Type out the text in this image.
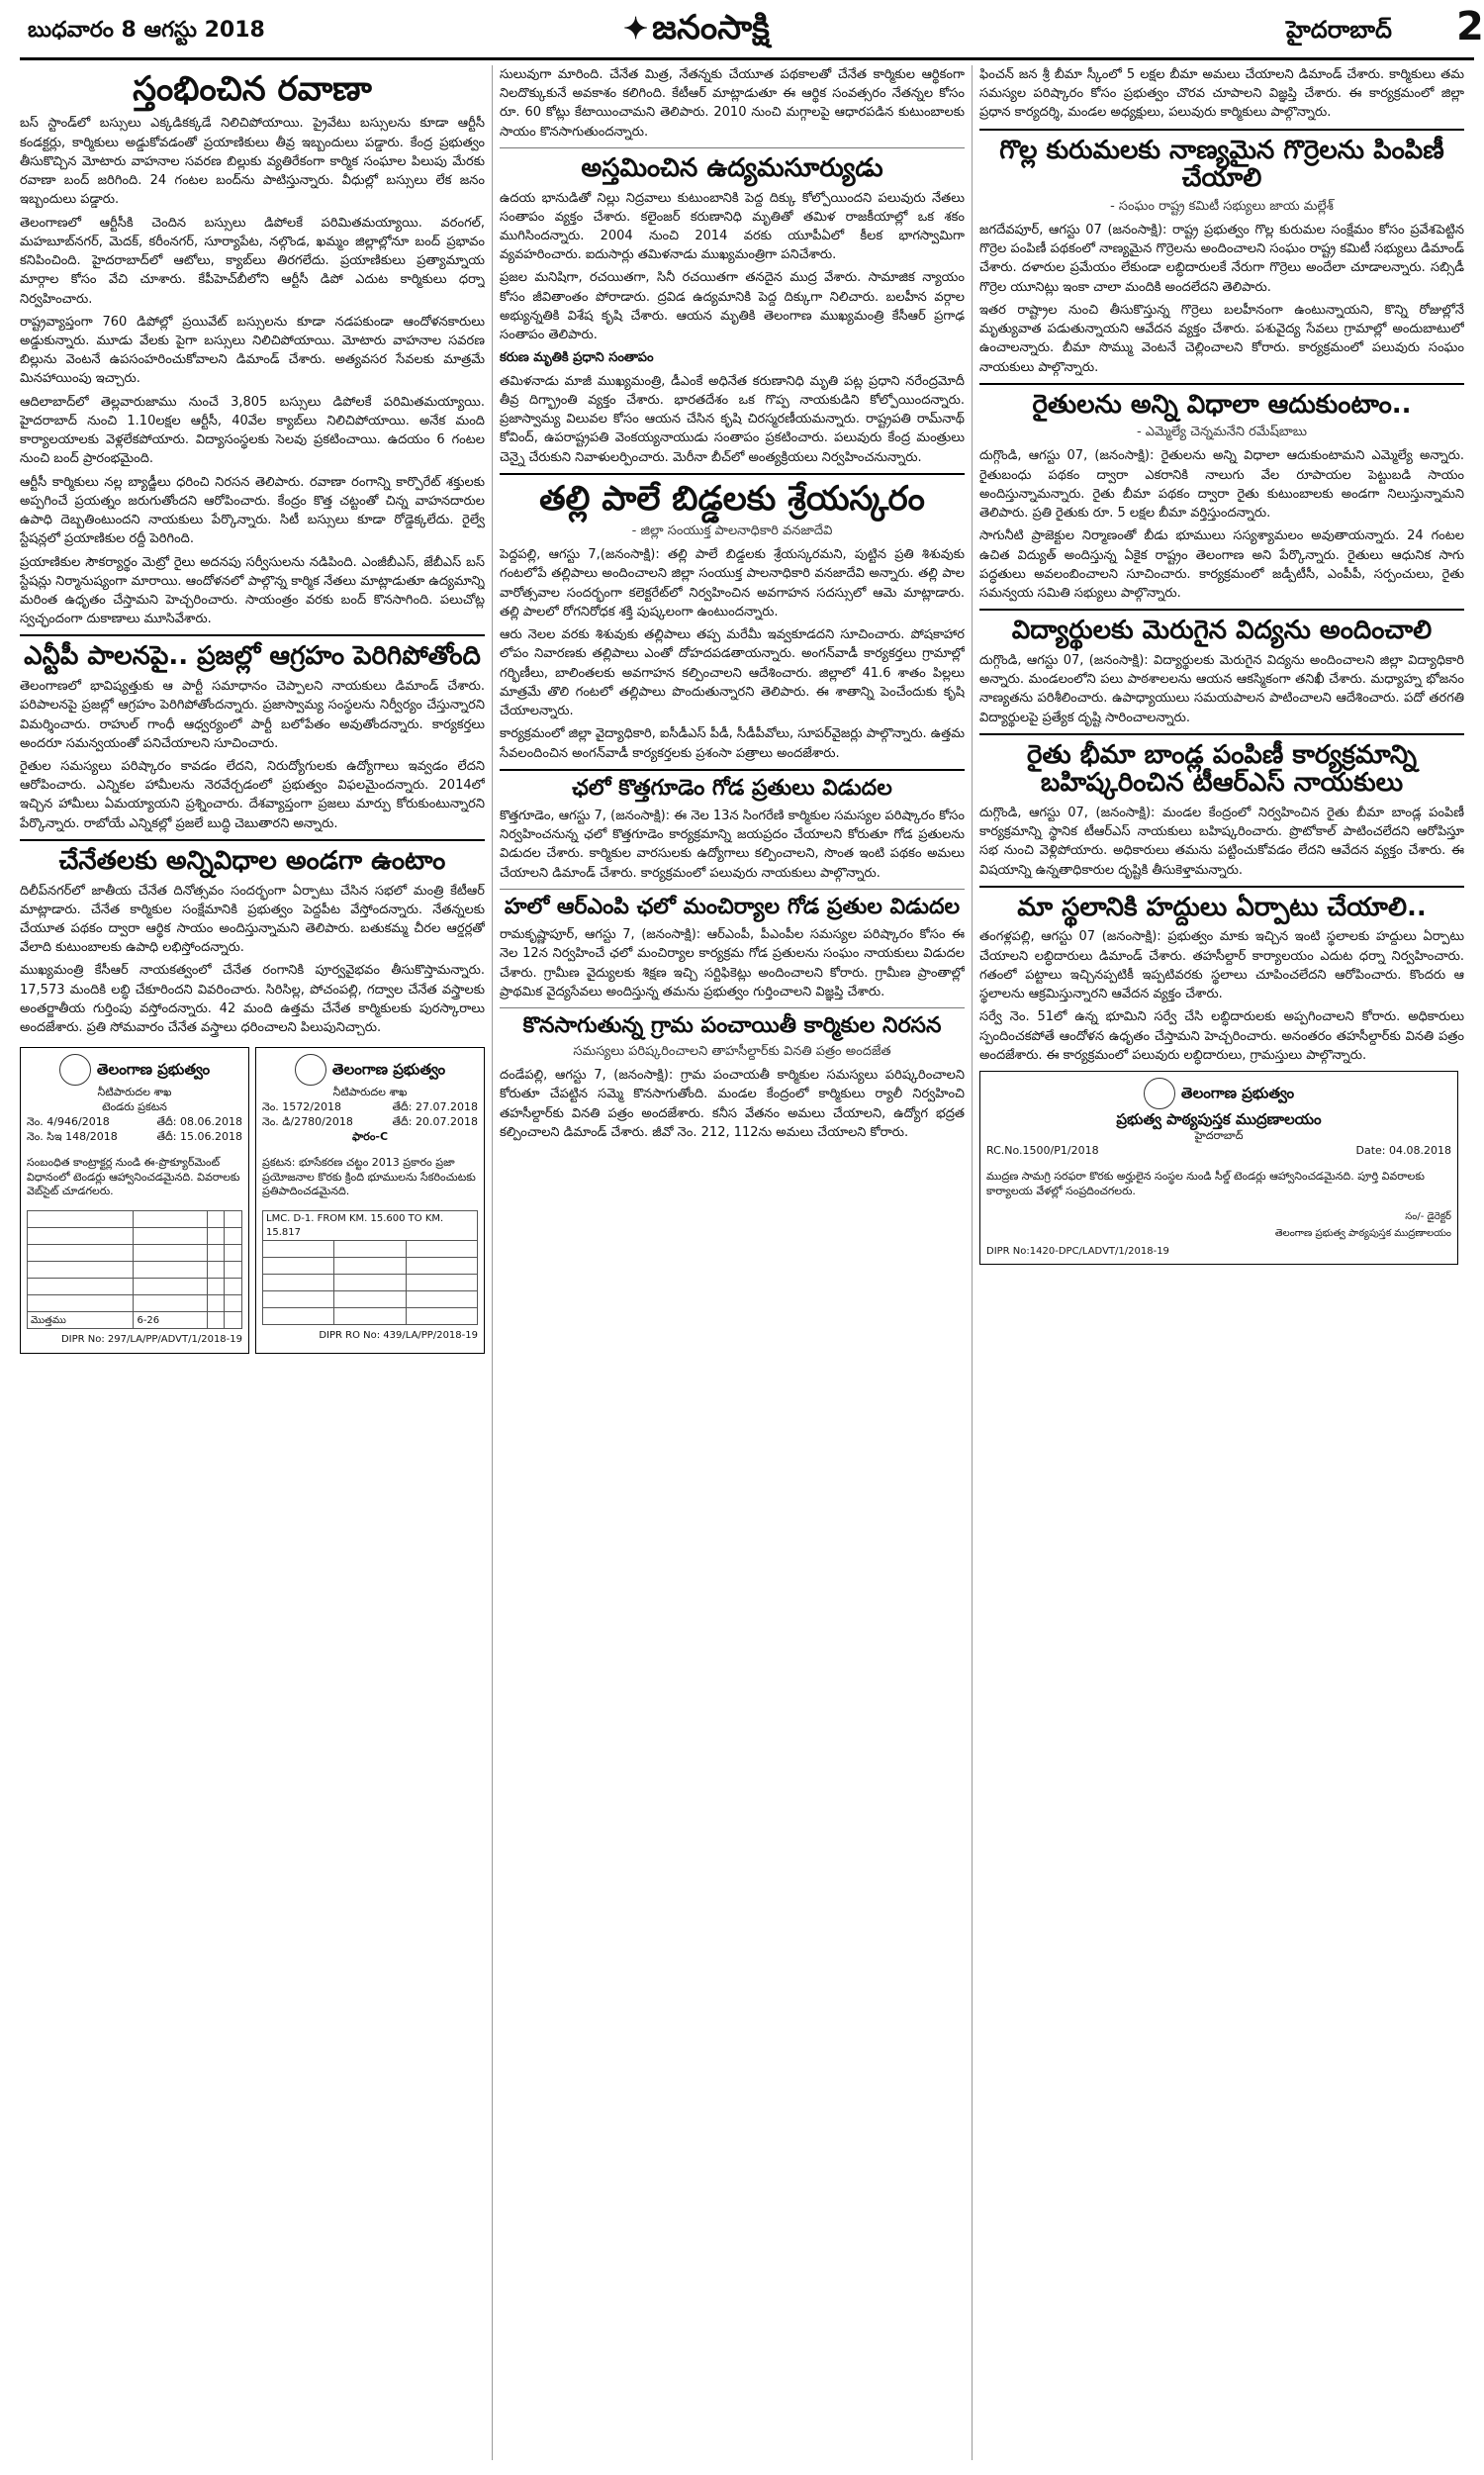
బుధవారం 8 ఆగస్టు 2018	✦ జనంసాక్షి	హైదరాబాద్ 2
స్తంభించిన రవాణా

బస్ స్టాండ్‌లో బస్సులు ఎక్కడికక్కడే నిలిచిపోయాయి. ప్రైవేటు బస్సులను కూడా ఆర్టీసీ కండక్టర్లు, కార్మికులు అడ్డుకోవడంతో ప్రయాణికులు తీవ్ర ఇబ్బందులు పడ్డారు. కేంద్ర ప్రభుత్వం తీసుకొచ్చిన మోటారు వాహనాల సవరణ బిల్లుకు వ్యతిరేకంగా కార్మిక సంఘాల పిలుపు మేరకు రవాణా బంద్ జరిగింది. 24 గంటల బంద్‌ను పాటిస్తున్నారు. వీధుల్లో బస్సులు లేక జనం ఇబ్బందులు పడ్డారు.

తెలంగాణలో ఆర్టీసీకి చెందిన బస్సులు డిపోలకే పరిమితమయ్యాయి. వరంగల్, మహబూబ్‌నగర్, మెదక్, కరీంనగర్, సూర్యాపేట, నల్గొండ, ఖమ్మం జిల్లాల్లోనూ బంద్ ప్రభావం కనిపించింది. హైదరాబాద్‌లో ఆటోలు, క్యాబ్‌లు తిరగలేదు. ప్రయాణికులు ప్రత్యామ్నాయ మార్గాల కోసం వేచి చూశారు. కేపీహెచ్‌బీలోని ఆర్టీసీ డిపో ఎదుట కార్మికులు ధర్నా నిర్వహించారు.

రాష్ట్రవ్యాప్తంగా 760 డిపోల్లో ప్రయివేట్ బస్సులను కూడా నడపకుండా ఆందోళనకారులు అడ్డుకున్నారు. మూడు వేలకు పైగా బస్సులు నిలిచిపోయాయి. మోటారు వాహనాల సవరణ బిల్లును వెంటనే ఉపసంహరించుకోవాలని డిమాండ్ చేశారు. అత్యవసర సేవలకు మాత్రమే మినహాయింపు ఇచ్చారు.

ఆదిలాబాద్‌లో తెల్లవారుజాము నుంచే 3,805 బస్సులు డిపోలకే పరిమితమయ్యాయి. హైదరాబాద్ నుంచి 1.10లక్షల ఆర్టీసీ, 40వేల క్యాబ్‌లు నిలిచిపోయాయి. అనేక మంది కార్యాలయాలకు వెళ్లలేకపోయారు. విద్యాసంస్థలకు సెలవు ప్రకటించాయి. ఉదయం 6 గంటల నుంచి బంద్ ప్రారంభమైంది.

ఆర్టీసీ కార్మికులు నల్ల బ్యాడ్జీలు ధరించి నిరసన తెలిపారు. రవాణా రంగాన్ని కార్పొరేట్ శక్తులకు అప్పగించే ప్రయత్నం జరుగుతోందని ఆరోపించారు. కేంద్రం కొత్త చట్టంతో చిన్న వాహనదారుల ఉపాధి దెబ్బతింటుందని నాయకులు పేర్కొన్నారు. సిటీ బస్సులు కూడా రోడ్డెక్కలేదు. రైల్వే స్టేషన్లలో ప్రయాణికుల రద్దీ పెరిగింది.

ప్రయాణికుల సౌకర్యార్థం మెట్రో రైలు అదనపు సర్వీసులను నడిపింది. ఎంజీబీఎస్, జేబీఎస్ బస్ స్టేషన్లు నిర్మానుష్యంగా మారాయి. ఆందోళనలో పాల్గొన్న కార్మిక నేతలు మాట్లాడుతూ ఉద్యమాన్ని మరింత ఉధృతం చేస్తామని హెచ్చరించారు. సాయంత్రం వరకు బంద్ కొనసాగింది. పలుచోట్ల స్వచ్ఛందంగా దుకాణాలు మూసివేశారు.

ఎన్టీపీ పాలనపై.. ప్రజల్లో ఆగ్రహం పెరిగిపోతోంది

తెలంగాణలో భావిష్యత్తుకు ఆ పార్టీ సమాధానం చెప్పాలని నాయకులు డిమాండ్ చేశారు. పరిపాలనపై ప్రజల్లో ఆగ్రహం పెరిగిపోతోందన్నారు. ప్రజాస్వామ్య సంస్థలను నిర్వీర్యం చేస్తున్నారని విమర్శించారు. రాహుల్ గాంధీ ఆధ్వర్యంలో పార్టీ బలోపేతం అవుతోందన్నారు. కార్యకర్తలు అందరూ సమన్వయంతో పనిచేయాలని సూచించారు.

రైతుల సమస్యలు పరిష్కారం కావడం లేదని, నిరుద్యోగులకు ఉద్యోగాలు ఇవ్వడం లేదని ఆరోపించారు. ఎన్నికల హామీలను నెరవేర్చడంలో ప్రభుత్వం విఫలమైందన్నారు. 2014లో ఇచ్చిన హామీలు ఏమయ్యాయని ప్రశ్నించారు. దేశవ్యాప్తంగా ప్రజలు మార్పు కోరుకుంటున్నారని పేర్కొన్నారు. రాబోయే ఎన్నికల్లో ప్రజలే బుద్ధి చెబుతారని అన్నారు.

చేనేతలకు అన్నివిధాల అండగా ఉంటాం

దిలీప్‌నగర్‌లో జాతీయ చేనేత దినోత్సవం సందర్భంగా ఏర్పాటు చేసిన సభలో మంత్రి కేటీఆర్ మాట్లాడారు. చేనేత కార్మికుల సంక్షేమానికి ప్రభుత్వం పెద్దపీట వేస్తోందన్నారు. నేతన్నలకు చేయూత పథకం ద్వారా ఆర్థిక సాయం అందిస్తున్నామని తెలిపారు. బతుకమ్మ చీరల ఆర్డర్లతో వేలాది కుటుంబాలకు ఉపాధి లభిస్తోందన్నారు.

ముఖ్యమంత్రి కేసీఆర్ నాయకత్వంలో చేనేత రంగానికి పూర్వవైభవం తీసుకొస్తామన్నారు. 17,573 మందికి లబ్ధి చేకూరిందని వివరించారు. సిరిసిల్ల, పోచంపల్లి, గద్వాల చేనేత వస్త్రాలకు అంతర్జాతీయ గుర్తింపు వస్తోందన్నారు. 42 మంది ఉత్తమ చేనేత కార్మికులకు పురస్కారాలు అందజేశారు. ప్రతి సోమవారం చేనేత వస్త్రాలు ధరించాలని పిలుపునిచ్చారు.

తెలంగాణ ప్రభుత్వం
నీటిపారుదల శాఖ
టెండరు ప్రకటన
నెం. 4/946/2018	తేదీ: 08.06.2018
నెం. సిఇ 148/2018	తేదీ: 15.06.2018

సంబంధిత కాంట్రాక్టర్ల నుండి ఈ-ప్రొక్యూర్‌మెంట్ విధానంలో టెండర్లు ఆహ్వానించడమైనది. వివరాలకు వెబ్‌సైట్ చూడగలరు.

మొత్తము	6-26		
DIPR No: 297/LA/PP/ADVT/1/2018-19
తెలంగాణ ప్రభుత్వం
నీటిపారుదల శాఖ
నెం. 1572/2018	తేదీ: 27.07.2018
నెం. డి/2780/2018	తేదీ: 20.07.2018
ఫారం-C

ప్రకటన: భూసేకరణ చట్టం 2013 ప్రకారం ప్రజా ప్రయోజనాల కొరకు క్రింది భూములను సేకరించుటకు ప్రతిపాదించడమైనది.

LMC. D-1. FROM KM. 15.600 TO KM. 15.817		

DIPR RO No: 439/LA/PP/2018-19

సులువుగా మారింది. చేనేత మిత్ర, నేతన్నకు చేయూత పథకాలతో చేనేత కార్మికుల ఆర్థికంగా నిలదొక్కుకునే అవకాశం కలిగింది. కేటీఆర్ మాట్లాడుతూ ఈ ఆర్థిక సంవత్సరం నేతన్నల కోసం రూ. 60 కోట్లు కేటాయించామని తెలిపారు. 2010 నుంచి మగ్గాలపై ఆధారపడిన కుటుంబాలకు సాయం కొనసాగుతుందన్నారు.

అస్తమించిన ఉద్యమసూర్యుడు

ఉదయ భానుడితో నిల్లు నిద్రవాలు కుటుంబానికి పెద్ద దిక్కు కోల్పోయిందని పలువురు నేతలు సంతాపం వ్యక్తం చేశారు. కలైంజర్ కరుణానిధి మృతితో తమిళ రాజకీయాల్లో ఒక శకం ముగిసిందన్నారు. 2004 నుంచి 2014 వరకు యూపీఏలో కీలక భాగస్వామిగా వ్యవహరించారు. ఐదుసార్లు తమిళనాడు ముఖ్యమంత్రిగా పనిచేశారు.

ప్రజల మనిషిగా, రచయితగా, సినీ రచయితగా తనదైన ముద్ర వేశారు. సామాజిక న్యాయం కోసం జీవితాంతం పోరాడారు. ద్రవిడ ఉద్యమానికి పెద్ద దిక్కుగా నిలిచారు. బలహీన వర్గాల అభ్యున్నతికి విశేష కృషి చేశారు. ఆయన మృతికి తెలంగాణ ముఖ్యమంత్రి కేసీఆర్ ప్రగాఢ సంతాపం తెలిపారు.

కరుణ మృతికి ప్రధాని సంతాపం

తమిళనాడు మాజీ ముఖ్యమంత్రి, డీఎంకే అధినేత కరుణానిధి మృతి పట్ల ప్రధాని నరేంద్రమోదీ తీవ్ర దిగ్భ్రాంతి వ్యక్తం చేశారు. భారతదేశం ఒక గొప్ప నాయకుడిని కోల్పోయిందన్నారు. ప్రజాస్వామ్య విలువల కోసం ఆయన చేసిన కృషి చిరస్మరణీయమన్నారు. రాష్ట్రపతి రామ్‌నాథ్ కోవింద్, ఉపరాష్ట్రపతి వెంకయ్యనాయుడు సంతాపం ప్రకటించారు. పలువురు కేంద్ర మంత్రులు చెన్నై చేరుకుని నివాళులర్పించారు. మెరీనా బీచ్‌లో అంత్యక్రియలు నిర్వహించనున్నారు.

తల్లి పాలే బిడ్డలకు శ్రేయస్కరం
- జిల్లా సంయుక్త పాలనాధికారి వనజాదేవి

పెద్దపల్లి, ఆగస్టు 7,(జనంసాక్షి): తల్లి పాలే బిడ్డలకు శ్రేయస్కరమని, పుట్టిన ప్రతి శిశువుకు గంటలోపే తల్లిపాలు అందించాలని జిల్లా సంయుక్త పాలనాధికారి వనజాదేవి అన్నారు. తల్లి పాల వారోత్సవాల సందర్భంగా కలెక్టరేట్‌లో నిర్వహించిన అవగాహన సదస్సులో ఆమె మాట్లాడారు. తల్లి పాలలో రోగనిరోధక శక్తి పుష్కలంగా ఉంటుందన్నారు.

ఆరు నెలల వరకు శిశువుకు తల్లిపాలు తప్ప మరేమీ ఇవ్వకూడదని సూచించారు. పోషకాహార లోపం నివారణకు తల్లిపాలు ఎంతో దోహదపడతాయన్నారు. అంగన్‌వాడీ కార్యకర్తలు గ్రామాల్లో గర్భిణీలు, బాలింతలకు అవగాహన కల్పించాలని ఆదేశించారు. జిల్లాలో 41.6 శాతం పిల్లలు మాత్రమే తొలి గంటలో తల్లిపాలు పొందుతున్నారని తెలిపారు. ఈ శాతాన్ని పెంచేందుకు కృషి చేయాలన్నారు.

కార్యక్రమంలో జిల్లా వైద్యాధికారి, ఐసీడీఎస్ పీడీ, సీడీపీవోలు, సూపర్‌వైజర్లు పాల్గొన్నారు. ఉత్తమ సేవలందించిన అంగన్‌వాడీ కార్యకర్తలకు ప్రశంసా పత్రాలు అందజేశారు.

ఛలో కొత్తగూడెం గోడ ప్రతులు విడుదల

కొత్తగూడెం, ఆగస్టు 7, (జనంసాక్షి): ఈ నెల 13న సింగరేణి కార్మికుల సమస్యల పరిష్కారం కోసం నిర్వహించనున్న ఛలో కొత్తగూడెం కార్యక్రమాన్ని జయప్రదం చేయాలని కోరుతూ గోడ ప్రతులను విడుదల చేశారు. కార్మికుల వారసులకు ఉద్యోగాలు కల్పించాలని, సొంత ఇంటి పథకం అమలు చేయాలని డిమాండ్ చేశారు. కార్యక్రమంలో పలువురు నాయకులు పాల్గొన్నారు.

హలో ఆర్ఎంపి ఛలో మంచిర్యాల గోడ ప్రతుల విడుదల

రామకృష్ణాపూర్, ఆగస్టు 7, (జనంసాక్షి): ఆర్ఎంపీ, పీఎంపీల సమస్యల పరిష్కారం కోసం ఈ నెల 12న నిర్వహించే ఛలో మంచిర్యాల కార్యక్రమ గోడ ప్రతులను సంఘం నాయకులు విడుదల చేశారు. గ్రామీణ వైద్యులకు శిక్షణ ఇచ్చి సర్టిఫికెట్లు అందించాలని కోరారు. గ్రామీణ ప్రాంతాల్లో ప్రాథమిక వైద్యసేవలు అందిస్తున్న తమను ప్రభుత్వం గుర్తించాలని విజ్ఞప్తి చేశారు.

కొనసాగుతున్న గ్రామ పంచాయితీ కార్మికుల నిరసన
సమస్యలు పరిష్కరించాలని తాహసీల్దార్‌కు వినతి పత్రం అందజేత

దండేపల్లి, ఆగస్టు 7, (జనంసాక్షి): గ్రామ పంచాయతీ కార్మికుల సమస్యలు పరిష్కరించాలని కోరుతూ చేపట్టిన సమ్మె కొనసాగుతోంది. మండల కేంద్రంలో కార్మికులు ర్యాలీ నిర్వహించి తహసీల్దార్‌కు వినతి పత్రం అందజేశారు. కనీస వేతనం అమలు చేయాలని, ఉద్యోగ భద్రత కల్పించాలని డిమాండ్ చేశారు. జీవో నెం. 212, 112ను అమలు చేయాలని కోరారు.

ఫించన్ జన శ్రీ బీమా స్కీంలో 5 లక్షల బీమా అమలు చేయాలని డిమాండ్ చేశారు. కార్మికులు తమ సమస్యల పరిష్కారం కోసం ప్రభుత్వం చొరవ చూపాలని విజ్ఞప్తి చేశారు. ఈ కార్యక్రమంలో జిల్లా ప్రధాన కార్యదర్శి, మండల అధ్యక్షులు, పలువురు కార్మికులు పాల్గొన్నారు.

గొల్ల కురుమలకు నాణ్యమైన గొర్రెలను పింపిణీ చేయాలి
- సంఘం రాష్ట్ర కమిటీ సభ్యులు జాయ మల్లేశ్

జగదేవపూర్, ఆగస్టు 07 (జనంసాక్షి): రాష్ట్ర ప్రభుత్వం గొల్ల కురుమల సంక్షేమం కోసం ప్రవేశపెట్టిన గొర్రెల పంపిణీ పథకంలో నాణ్యమైన గొర్రెలను అందించాలని సంఘం రాష్ట్ర కమిటీ సభ్యులు డిమాండ్ చేశారు. దళారుల ప్రమేయం లేకుండా లబ్ధిదారులకే నేరుగా గొర్రెలు అందేలా చూడాలన్నారు. సబ్సిడీ గొర్రెల యూనిట్లు ఇంకా చాలా మందికి అందలేదని తెలిపారు.

ఇతర రాష్ట్రాల నుంచి తీసుకొస్తున్న గొర్రెలు బలహీనంగా ఉంటున్నాయని, కొన్ని రోజుల్లోనే మృత్యువాత పడుతున్నాయని ఆవేదన వ్యక్తం చేశారు. పశువైద్య సేవలు గ్రామాల్లో అందుబాటులో ఉంచాలన్నారు. బీమా సొమ్ము వెంటనే చెల్లించాలని కోరారు. కార్యక్రమంలో పలువురు సంఘం నాయకులు పాల్గొన్నారు.

రైతులను అన్ని విధాలా ఆదుకుంటాం..
- ఎమ్మెల్యే చెన్నమనేని రమేష్‌బాబు

దుగ్గొండి, ఆగస్టు 07, (జనంసాక్షి): రైతులను అన్ని విధాలా ఆదుకుంటామని ఎమ్మెల్యే అన్నారు. రైతుబంధు పథకం ద్వారా ఎకరానికి నాలుగు వేల రూపాయల పెట్టుబడి సాయం అందిస్తున్నామన్నారు. రైతు బీమా పథకం ద్వారా రైతు కుటుంబాలకు అండగా నిలుస్తున్నామని తెలిపారు. ప్రతి రైతుకు రూ. 5 లక్షల బీమా వర్తిస్తుందన్నారు.

సాగునీటి ప్రాజెక్టుల నిర్మాణంతో బీడు భూములు సస్యశ్యామలం అవుతాయన్నారు. 24 గంటల ఉచిత విద్యుత్ అందిస్తున్న ఏకైక రాష్ట్రం తెలంగాణ అని పేర్కొన్నారు. రైతులు ఆధునిక సాగు పద్ధతులు అవలంబించాలని సూచించారు. కార్యక్రమంలో జడ్పీటీసీ, ఎంపీపీ, సర్పంచులు, రైతు సమన్వయ సమితి సభ్యులు పాల్గొన్నారు.

విద్యార్థులకు మెరుగైన విద్యను అందించాలి

దుగ్గొండి, ఆగస్టు 07, (జనంసాక్షి): విద్యార్థులకు మెరుగైన విద్యను అందించాలని జిల్లా విద్యాధికారి అన్నారు. మండలంలోని పలు పాఠశాలలను ఆయన ఆకస్మికంగా తనిఖీ చేశారు. మధ్యాహ్న భోజనం నాణ్యతను పరిశీలించారు. ఉపాధ్యాయులు సమయపాలన పాటించాలని ఆదేశించారు. పదో తరగతి విద్యార్థులపై ప్రత్యేక దృష్టి సారించాలన్నారు.

రైతు భీమా బాండ్ల పంపిణీ కార్యక్రమాన్ని బహిష్కరించిన టీఆర్ఎస్ నాయకులు

దుగ్గొండి, ఆగస్టు 07, (జనంసాక్షి): మండల కేంద్రంలో నిర్వహించిన రైతు బీమా బాండ్ల పంపిణీ కార్యక్రమాన్ని స్థానిక టీఆర్ఎస్ నాయకులు బహిష్కరించారు. ప్రొటోకాల్ పాటించలేదని ఆరోపిస్తూ సభ నుంచి వెళ్లిపోయారు. అధికారులు తమను పట్టించుకోవడం లేదని ఆవేదన వ్యక్తం చేశారు. ఈ విషయాన్ని ఉన్నతాధికారుల దృష్టికి తీసుకెళ్తామన్నారు.

మా స్థలానికి హద్దులు ఏర్పాటు చేయాలి..

తంగళ్లపల్లి, ఆగస్టు 07 (జనంసాక్షి): ప్రభుత్వం మాకు ఇచ్చిన ఇంటి స్థలాలకు హద్దులు ఏర్పాటు చేయాలని లబ్ధిదారులు డిమాండ్ చేశారు. తహసీల్దార్ కార్యాలయం ఎదుట ధర్నా నిర్వహించారు. గతంలో పట్టాలు ఇచ్చినప్పటికీ ఇప్పటివరకు స్థలాలు చూపించలేదని ఆరోపించారు. కొందరు ఆ స్థలాలను ఆక్రమిస్తున్నారని ఆవేదన వ్యక్తం చేశారు.

సర్వే నెం. 51లో ఉన్న భూమిని సర్వే చేసి లబ్ధిదారులకు అప్పగించాలని కోరారు. అధికారులు స్పందించకపోతే ఆందోళన ఉధృతం చేస్తామని హెచ్చరించారు. అనంతరం తహసీల్దార్‌కు వినతి పత్రం అందజేశారు. ఈ కార్యక్రమంలో పలువురు లబ్ధిదారులు, గ్రామస్తులు పాల్గొన్నారు.

తెలంగాణ ప్రభుత్వం
ప్రభుత్వ పాఠ్యపుస్తక ముద్రణాలయం
హైదరాబాద్
RC.No.1500/P1/2018	Date: 04.08.2018

ముద్రణ సామగ్రి సరఫరా కొరకు అర్హులైన సంస్థల నుండి సీల్డ్ టెండర్లు ఆహ్వానించడమైనది. పూర్తి వివరాలకు కార్యాలయ వేళల్లో సంప్రదించగలరు.

సం/- డైరెక్టర్
తెలంగాణ ప్రభుత్వ పాఠ్యపుస్తక ముద్రణాలయం
DIPR No:1420-DPC/LADVT/1/2018-19
